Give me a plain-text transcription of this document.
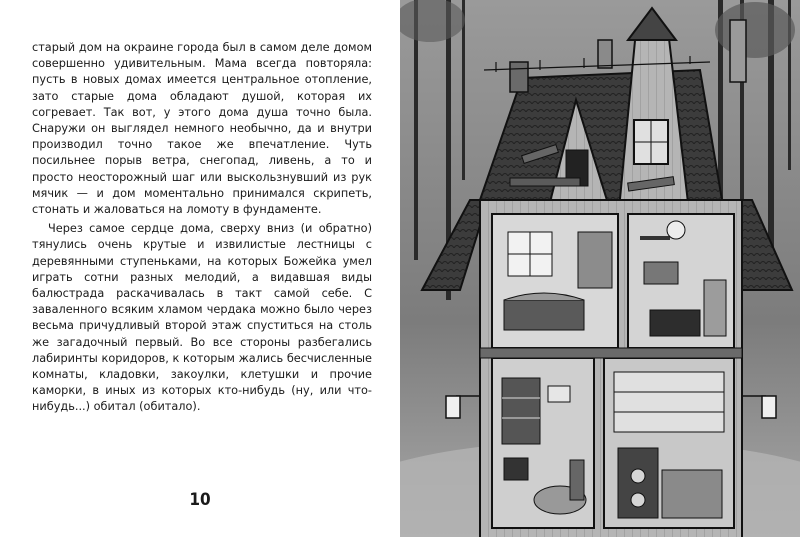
старый дом на окраине города был в самом деле домом совершенно удивительным. Мама всегда повторяла: пусть в новых домах имеется центральное отопление, зато старые дома обладают душой, которая их согревает. Так вот, у этого дома душа точно была. Снаружи он выглядел немного необычно, да и внутри производил точно такое же впечатление. Чуть посильнее порыв ветра, снегопад, ливень, а то и просто неосторожный шаг или выскользнувший из рук мячик — и дом моментально принимался скрипеть, стонать и жаловаться на ломоту в фундаменте.

Через самое сердце дома, сверху вниз (и обратно) тянулись очень крутые и извилистые лестницы с деревянными ступеньками, на которых Божейка умел играть сотни разных мелодий, а видавшая виды балюстрада раскачивалась в такт самой себе. С заваленного всяким хламом чердака можно было через весьма причудливый второй этаж спуститься на столь же загадочный первый. Во все стороны разбегались лабиринты коридоров, к которым жались бесчисленные комнаты, кладовки, закоулки, клетушки и прочие каморки, в иных из которых кто-нибудь (ну, или что-нибудь...) обитал (обитало).

10
